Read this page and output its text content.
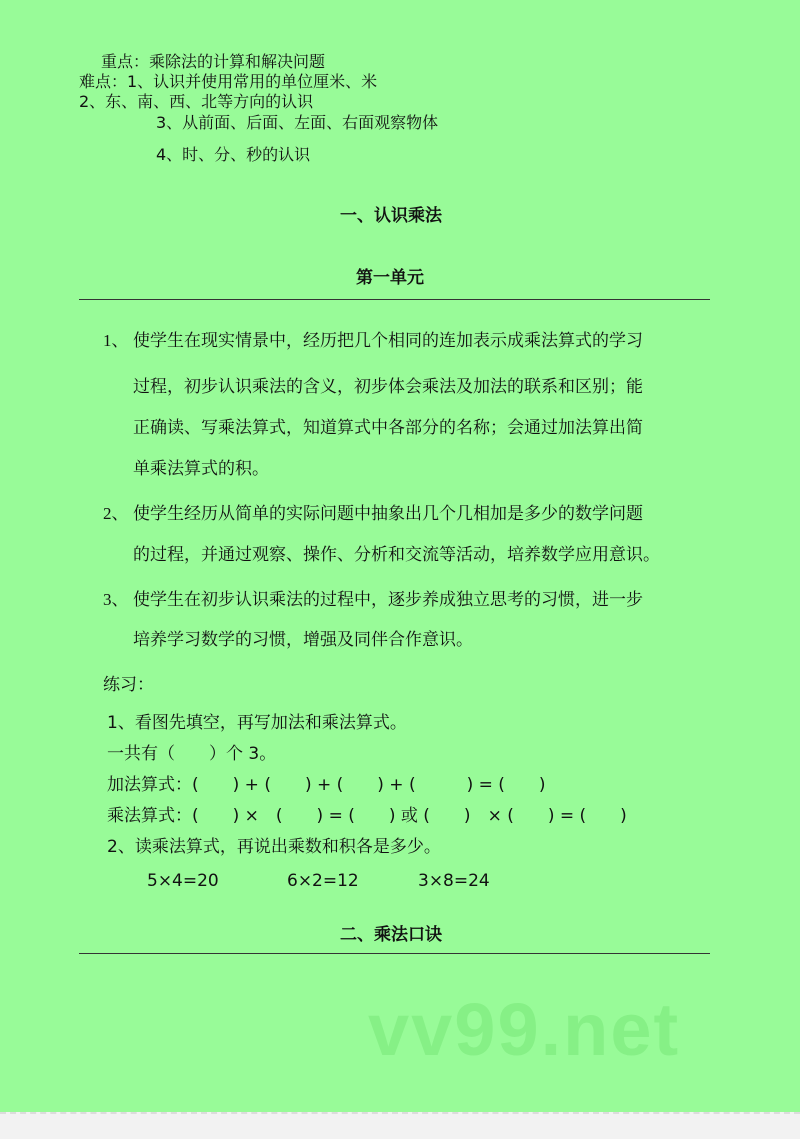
重点：乘除法的计算和解决问题
难点：1、认识并使用常用的单位厘米、米
2、东、南、西、北等方向的认识
3、从前面、后面、左面、右面观察物体
4、时、分、秒的认识
一、认识乘法
第一单元
1、 使学生在现实情景中，经历把几个相同的连加表示成乘法算式的学习
过程，初步认识乘法的含义，初步体会乘法及加法的联系和区别；能
正确读、写乘法算式，知道算式中各部分的名称；会通过加法算出简
单乘法算式的积。
2、 使学生经历从简单的实际问题中抽象出几个几相加是多少的数学问题
的过程，并通过观察、操作、分析和交流等活动，培养数学应用意识。
3、 使学生在初步认识乘法的过程中，逐步养成独立思考的习惯，进一步
培养学习数学的习惯，增强及同伴合作意识。
练习：
1、看图先填空，再写加法和乘法算式。
一共有（　　）个 3。
加法算式：(　　) + (　　) + (　　) + (　　　) = (　　)
乘法算式：(　　) ×　(　　) = (　　) 或 (　　)　× (　　) = (　　)
2、读乘法算式，再说出乘数和积各是多少。
5×4=20	6×2=12	3×8=24
二、乘法口诀
vv99.net
